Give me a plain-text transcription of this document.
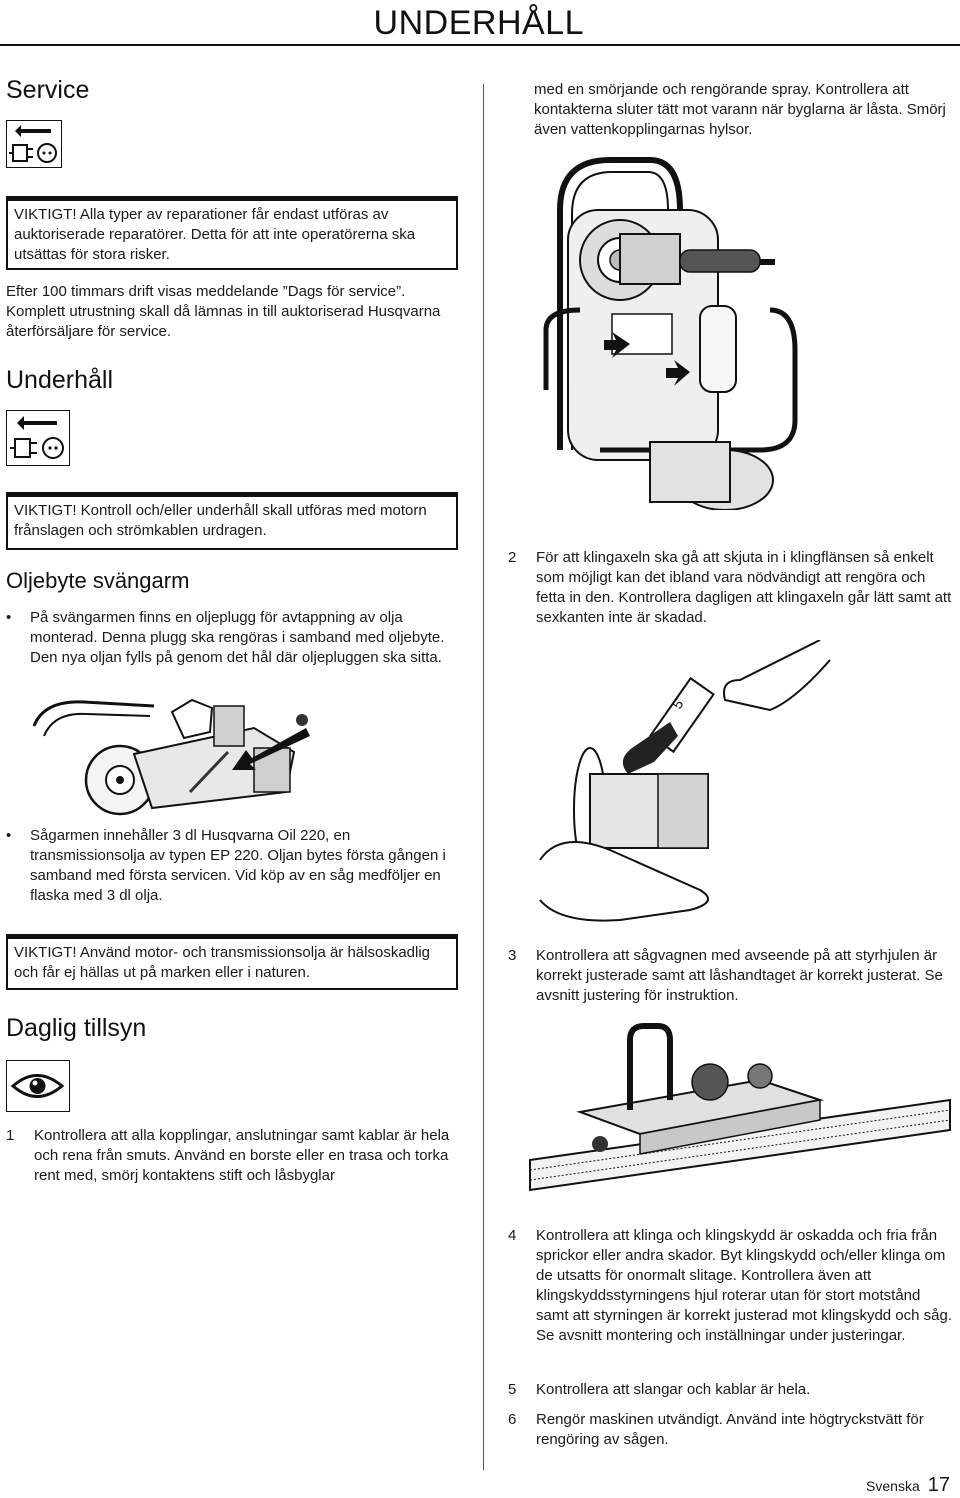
UNDERHÅLL
Service

VIKTIGT! Alla typer av reparationer får endast utföras av auktoriserade reparatörer. Detta för att inte operatörerna ska utsättas för stora risker.

Efter 100 timmars drift visas meddelande ”Dags för service”. Komplett utrustning skall då lämnas in till auktoriserad Husqvarna återförsäljare för service.

Underhåll

VIKTIGT! Kontroll och/eller underhåll skall utföras med motorn frånslagen och strömkablen urdragen.

Oljebyte svängarm
•	På svängarmen finns en oljeplugg för avtappning av olja monterad. Denna plugg ska rengöras i samband med oljebyte. Den nya oljan fylls på genom det hål där oljepluggen ska sitta.
•	Sågarmen innehåller 3 dl Husqvarna Oil 220, en transmissionsolja av typen EP 220. Oljan bytes första gången i samband med första servicen. Vid köp av en såg medföljer en flaska med 3 dl olja.

VIKTIGT! Använd motor- och transmissionsolja är hälsoskadlig och får ej hällas ut på marken eller i naturen.

Daglig tillsyn
1	Kontrollera att alla kopplingar, anslutningar samt kablar är hela och rena från smuts. Använd en borste eller en trasa och torka rent med, smörj kontaktens stift och låsbyglar

med en smörjande och rengörande spray. Kontrollera att kontakterna sluter tätt mot varann när byglarna är låsta. Smörj även vattenkopplingarnas hylsor.

2	För att klingaxeln ska gå att skjuta in i klingflänsen så enkelt som möjligt kan det ibland vara nödvändigt att rengöra och fetta in den. Kontrollera dagligen att klingaxeln går lätt samt att sexkanten inte är skadad.
5
3	Kontrollera att sågvagnen med avseende på att styrhjulen är korrekt justerade samt att låshandtaget är korrekt justerat. Se avsnitt justering för instruktion.
4	Kontrollera att klinga och klingskydd är oskadda och fria från sprickor eller andra skador. Byt klingskydd och/eller klinga om de utsatts för onormalt slitage. Kontrollera även att klingskyddsstyrningens hjul roterar utan för stort motstånd samt att styrningen är korrekt justerad mot klingskydd och såg. Se avsnitt montering och inställningar under justeringar.
5	Kontrollera att slangar och kablar är hela.
6	Rengör maskinen utvändigt. Använd inte högtryckstvätt för rengöring av sågen.
Svenska 17
